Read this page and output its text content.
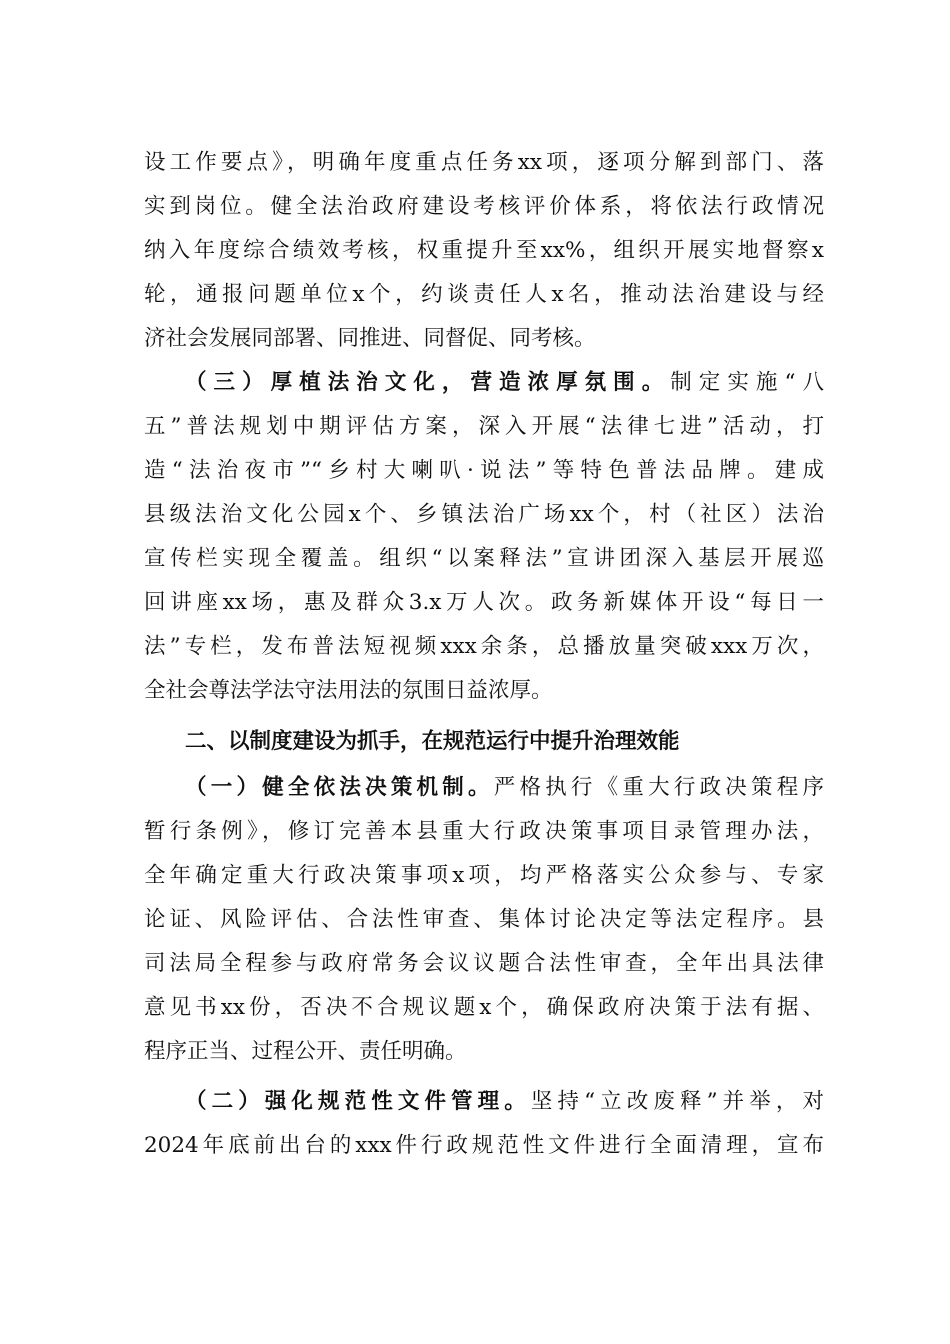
设工作要点》，明确年度重点任务xx项，逐项分解到部门、落
实到岗位。健全法治政府建设考核评价体系，将依法行政情况
纳入年度综合绩效考核，权重提升至xx%，组织开展实地督察x
轮，通报问题单位x个，约谈责任人x名，推动法治建设与经
济社会发展同部署、同推进、同督促、同考核。
（三）厚植法治文化，营造浓厚氛围。制定实施“八
五”普法规划中期评估方案，深入开展“法律七进”活动，打
造“法治夜市”“乡村大喇叭·说法”等特色普法品牌。建成
县级法治文化公园x个、乡镇法治广场xx个，村（社区）法治
宣传栏实现全覆盖。组织“以案释法”宣讲团深入基层开展巡
回讲座xx场，惠及群众3.x万人次。政务新媒体开设“每日一
法”专栏，发布普法短视频xxx余条，总播放量突破xxx万次，
全社会尊法学法守法用法的氛围日益浓厚。
二、以制度建设为抓手，在规范运行中提升治理效能
（一）健全依法决策机制。严格执行《重大行政决策程序
暂行条例》，修订完善本县重大行政决策事项目录管理办法，
全年确定重大行政决策事项x项，均严格落实公众参与、专家
论证、风险评估、合法性审查、集体讨论决定等法定程序。县
司法局全程参与政府常务会议议题合法性审查，全年出具法律
意见书xx份，否决不合规议题x个，确保政府决策于法有据、
程序正当、过程公开、责任明确。
（二）强化规范性文件管理。坚持“立改废释”并举，对
2024年底前出台的xxx件行政规范性文件进行全面清理，宣布
